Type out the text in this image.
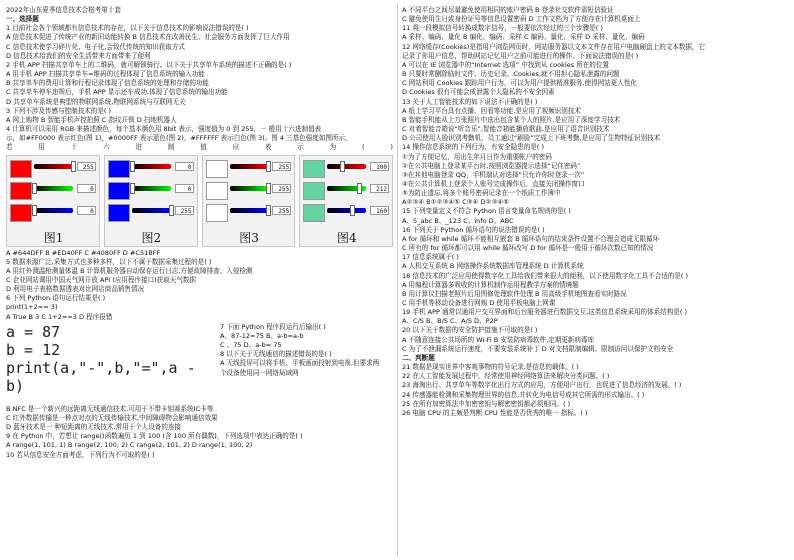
2022年山东夏季信息技术合格考第十套
一、选择题
1 目前社会各个领域都有信息技术的存在，以下关于信息技术的影响说法错误的是( )
A 信息技术促进了传统产业的新旧动能转换 B 信息技术在改善民生、社会服务方面发挥了巨大作用
C 信息技术使学习碎片化、电子化,会致代传统的知识获取方式
D 信息技术给我们的安全生活带来方面带来了便利
2 手机 APP 扫描共享单车上的二维码，就可解锁骑行。以下关于共享单车系统的描述不正确的是( )
A 用手机 APP 扫描共享单车=维码的过程体现了信息系统的输入功能
B 共享单车的费用计算和行程记录体现了信息系统的处理和存储的功能
C 共享单车停车违规后，手机 APP 显示还车成功,体现了信息系统的输出功能
D 共享单车系统是典型的物联网系统,物联网系统与互联网无关
3 下列不涉及传感与控制技术的是( )
A 网上购物 B 智能手机声控拍照 C 指纹开锁 D 扫地机器人
4 计算机可以采用 RGB 来描述颜色，每个基本颜色用 8bit 表示，强度值为 0 到 255，一 般用十六进制值表
示，如#FF0000 表示红色(图 1)，#0000FF 表示蓝色(图 2)，#FFFFFF 表示白色(图 3)。图 4 三基色强度如图所示，
若	用	十	六	进	制	值	应	表	示	为	(	)
255
0
0
图1
0
0
255
图2
255
255
255
图3
100
212
160
图4
A #644DFF B #ED40FF C #4080FF D #C51BFF
5 数据来源广泛,采集方式也多种多样，以下不属于数据采集过程的是( )
A 用红外测温枪测量体温 B 计算机服务器自动保存运行日志,方便故障排查、入侵检测
C 企业网站调用中国天气网开放 API (应用程序接口)获取天气数据
D 利用电子表格数据透表对比网店商品销售情况
6 下列 Python 语句运行结果是( )
print(1+2== 3)
A True B 3 C 1+2==3 D 程序报错
a = 87
b = 12
print(a,"-",b,"=",a - b)
7 下面 Python 程序段运行后输出( )
A、87-12=75 B、a-b=a-b
C 、75 D、a-b= 75
8 以下关于无线通信的描述错误的是( )
A 无线投屏可以将手机、平板画面投射到电视,但要求两
个设备使用同一网络局域网
B NFC 是一个新兴的远距离无线通信技术,可用于不带卡钥赛系统IC卡等
C 红外数据传输是一种点对点的无线传输技术,中间障碍物会影响通信效果
D 蓝牙技术是一 种短距离的无线技术,常用于个人设备的连接
9 在 Python 中，若想让 range()函数遍历 1 到 100 (含 100 所有偶数)，下列选项中表达正确的是( )
A range(1, 101, 1) B range(2, 100, 2) C range(2, 101, 2) D range(1, 100, 2)
10 若从信息安全方面考虑，下列行为不可取的是( )
A 不同平台之间尽量避免使用相同的账户密码 B 登录社交软件需短信验证
C 避免使用生日或身份证号等信息设置密码 D 工作文档为了方便存在计算机桌面上
11 将一段模拟信号转换成数字信号，一般要依次经过的三个步骤是( )
A 采样、编码、量化 B 编化、编码、采样 C 编码、量化、采样 D 采样、量化、编码
12 网络缓存(Cookies)是指用户浏览网页时，网站服务器以文本文件存在用户电脑硬盘上的文本数据，它
记录了你用户信息，帮助网站记忆用户之前可能进行的操作。下面说法错误的是( )
A 可以在 IE 浏览器中的“Internet 选项” 中找到从 cookies 所在的位置
B 只要时常删除临时文件、历史记录、Cookies,就不用担心隐私泄露的问题
C 网站利用 Cookies 跟踪用户行为，可以为用户提供精准服务,使得网站更人性化
D Cookies 很有可能会成泄露个人隐私的不安全因素
13 关于人工智能技术的如下说法不正确的是( )
A 纸上学习平台具有点播、回看等功能,是应用了视频识别技术
B 智能手机能从上万张照片中选出包含某个人的照片,是应用了深度学习技术
C 对着智能音箱说“听音乐”,智能音箱能播放歌曲,是应用了语音识别技术
D 公司使用人脸识别考勤机，员工通过“刷脸”完成上下班考勤,是应用了生物特征识别技术
14 操作信息系统的下列行为，有安全隐患的是( )
①为了方便记忆，用出生年月日作为重要帐户的密码
②在公共电脑上登录某平台时,按照浏览器提示选择“记住密码”
③在其他电脑登录 QQ，手机端认对选择“只允许你时登录一次”
④在公共计算机上登录个人账号完成操作后，直接关闭操作窗口
⑤为防止遗忘,将多个账号密码记录在一个纸质工作簿中
A②③④ B①②③④⑤ C③④ D②③④⑤
15 下列变量定义不符合 Python 语言变量命名规则的是( )
A、5_abc B、_123 C、info D、ABC
16 下列关于 Python 循环语句的说法错误的是( )
A for 循环和 while 循环不能相互嵌套 B 循环语句的结束条件设置不合理会造成无限循环
C 所有的 for 循环都可以用 while 循环改写 D for 循环是一般用于循环次数已知的情况
17 信息系统属于( )
A 人机交互系统 B 网络操作系统数据库管理系统 D 计算机系统
18 信息技术的广泛应用使得数字化工具给我们带来很大的便利，以下使用数字化工具不合适的是( )
A 用编程计算器多吸收的计算机制作运用程教学方案的情境题
B 用计算仪扫描老照片后用图修处理软件处理 B 用高级手机地图查看实时路况
C 用手机等移动设备进行网购 D 使用平板电脑上网课
19 手机 APP 通常以通用户交互界面和后台服务器进行数据交互,这类信息系统采用的体系结构是( )
A、C/S B、B/S C、A/S D、P2P
20 以下关于数据的安全防护措施不可取的是( )
A 不随意连接公共场所的 Wi-Fi B 安装防病毒软件,定期更新病毒库
C 为了不泄漏系统运行速度，不要安装系统补丁 D 对文档限制编辑、限制访问以保护文档安全
二、判断题
21 数据是现实世界中客观事物的符号记录,是信息的载体。( )
22 在人工智能发展过程中，经常使用神经网络算法来解决分类问题。( )
23 海淘出行、共享单车等数字化出行方式的应用，方便用户出行，也促进了信息经济的发展。( )
24 传感器能检测和采集物理世界的信息,并转化为电信号或其它所需的形式输出。( )
25 在所有加密算法中加密密钥与解密密钥都必须相同。( )
26 电脑 CPU 的主频是判断 CPU 性能是否优秀的唯一 指标。( )
